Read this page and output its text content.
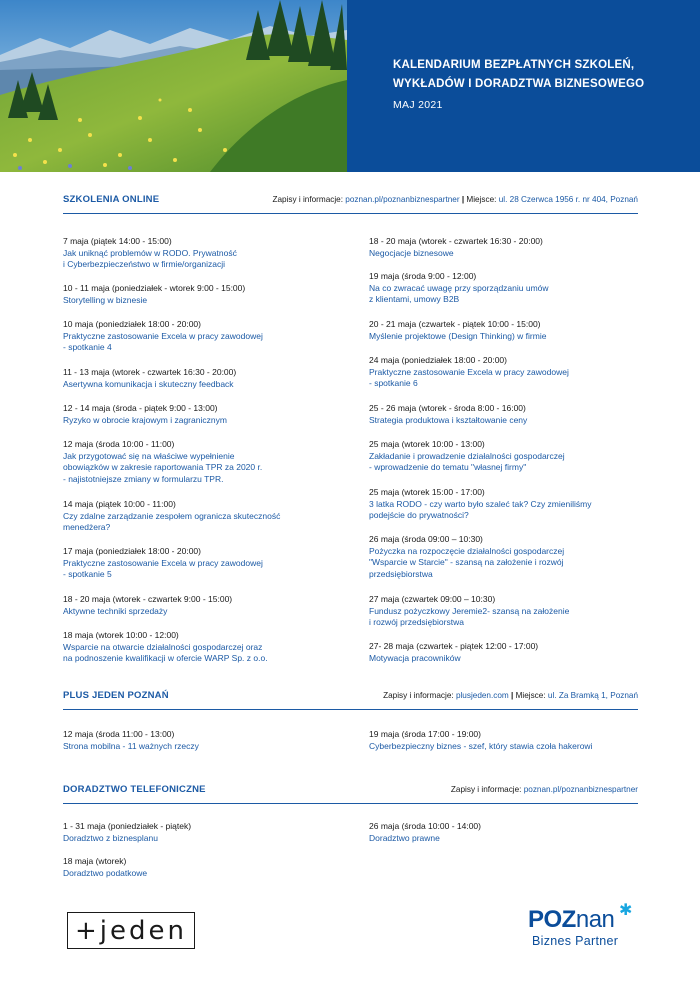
KALENDARIUM BEZPŁATNYCH SZKOLEŃ,
WYKŁADÓW I DORADZTWA BIZNESOWEGO
MAJ 2021
SZKOLENIA ONLINE	Zapisy i informacje: poznan.pl/poznanbiznespartner | Miejsce: ul. 28 Czerwca 1956 r. nr 404, Poznań
7 maja (piątek 14:00 - 15:00)
Jak uniknąć problemów w RODO. Prywatność
i Cyberbezpieczeństwo w firmie/organizacji
10 - 11 maja (poniedziałek - wtorek 9:00 - 15:00)
Storytelling w biznesie
10 maja (poniedziałek 18:00 - 20:00)
Praktyczne zastosowanie Excela w pracy zawodowej
- spotkanie 4
11 - 13 maja (wtorek - czwartek 16:30 - 20:00)
Asertywna komunikacja i skuteczny feedback
12 - 14 maja (środa - piątek 9:00 - 13:00)
Ryzyko w obrocie krajowym i zagranicznym
12 maja (środa 10:00 - 11:00)
Jak przygotować się na właściwe wypełnienie
obowiązków w zakresie raportowania TPR za 2020 r.
- najistotniejsze zmiany w formularzu TPR.
14 maja (piątek 10:00 - 11:00)
Czy zdalne zarządzanie zespołem ogranicza skuteczność
menedżera?
17 maja (poniedziałek 18:00 - 20:00)
Praktyczne zastosowanie Excela w pracy zawodowej
- spotkanie 5
18 - 20 maja (wtorek - czwartek 9:00 - 15:00)
Aktywne techniki sprzedaży
18 maja (wtorek 10:00 - 12:00)
Wsparcie na otwarcie działalności gospodarczej oraz
na podnoszenie kwalifikacji w ofercie WARP Sp. z o.o.
18 - 20 maja (wtorek - czwartek 16:30 - 20:00)
Negocjacje biznesowe
19 maja (środa 9:00 - 12:00)
Na co zwracać uwagę przy sporządzaniu umów
z klientami, umowy B2B
20 - 21 maja (czwartek - piątek 10:00 - 15:00)
Myślenie projektowe (Design Thinking) w firmie
24 maja (poniedziałek 18:00 - 20:00)
Praktyczne zastosowanie Excela w pracy zawodowej
- spotkanie 6
25 - 26 maja (wtorek - środa 8:00 - 16:00)
Strategia produktowa i kształtowanie ceny
25 maja (wtorek 10:00 - 13:00)
Zakładanie i prowadzenie działalności gospodarczej
- wprowadzenie do tematu "własnej firmy"
25 maja (wtorek 15:00 - 17:00)
3 latka RODO - czy warto było szaleć tak? Czy zmieniliśmy
podejście do prywatności?
26 maja (środa 09:00 – 10:30)
Pożyczka na rozpoczęcie działalności gospodarczej
"Wsparcie w Starcie" - szansą na założenie i rozwój
przedsiębiorstwa
27 maja (czwartek 09:00 – 10:30)
Fundusz pożyczkowy Jeremie2- szansą na założenie
i rozwój przedsiębiorstwa
27- 28 maja (czwartek - piątek 12:00 - 17:00)
Motywacja pracowników
PLUS JEDEN POZNAŃ	Zapisy i informacje: plusjeden.com | Miejsce: ul. Za Bramką 1, Poznań
12 maja (środa 11:00 - 13:00)
Strona mobilna - 11 ważnych rzeczy
19 maja (środa 17:00 - 19:00)
Cyberbezpieczny biznes - szef, który stawia czoła hakerowi
DORADZTWO TELEFONICZNE	Zapisy i informacje: poznan.pl/poznanbiznespartner
1 - 31 maja (poniedziałek - piątek)
Doradztwo z biznesplanu
18 maja (wtorek)
Doradztwo podatkowe
26 maja (środa 10:00 - 14:00)
Doradztwo prawne
+jeden	POZnan ✱
Biznes Partner
